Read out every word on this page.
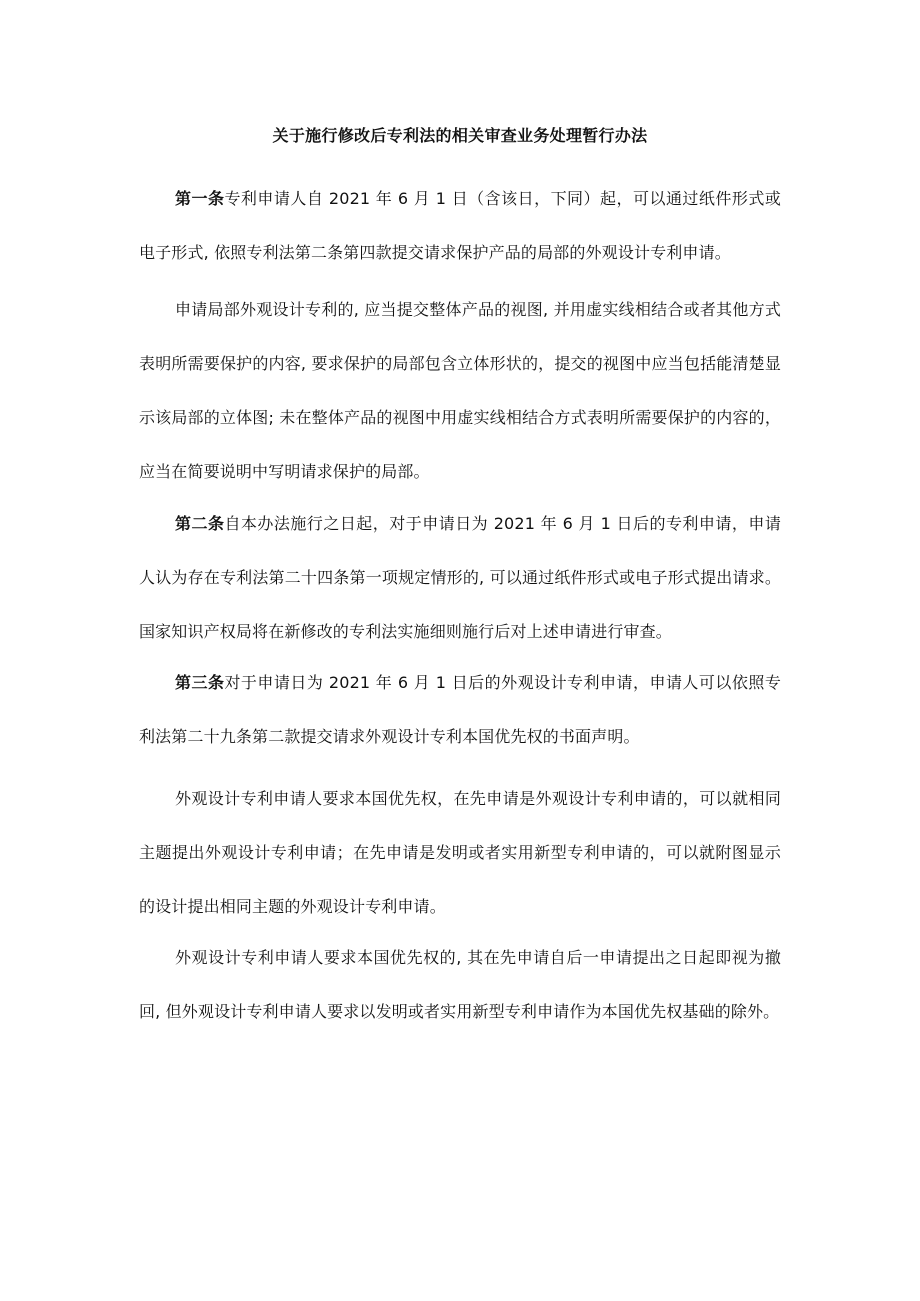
关于施行修改后专利法的相关审查业务处理暂行办法

第一条专利申请人自 2021 年 6 月 1 日（含该日，下同）起，可以通过纸件形式或电子形式, 依照专利法第二条第四款提交请求保护产品的局部的外观设计专利申请。

申请局部外观设计专利的, 应当提交整体产品的视图, 并用虚实线相结合或者其他方式表明所需要保护的内容, 要求保护的局部包含立体形状的，提交的视图中应当包括能清楚显示该局部的立体图; 未在整体产品的视图中用虚实线相结合方式表明所需要保护的内容的，应当在简要说明中写明请求保护的局部。

第二条自本办法施行之日起，对于申请日为 2021 年 6 月 1 日后的专利申请，申请人认为存在专利法第二十四条第一项规定情形的, 可以通过纸件形式或电子形式提出请求。国家知识产权局将在新修改的专利法实施细则施行后对上述申请进行审查。

第三条对于申请日为 2021 年 6 月 1 日后的外观设计专利申请，申请人可以依照专利法第二十九条第二款提交请求外观设计专利本国优先权的书面声明。

外观设计专利申请人要求本国优先权，在先申请是外观设计专利申请的，可以就相同主题提出外观设计专利申请；在先申请是发明或者实用新型专利申请的，可以就附图显示的设计提出相同主题的外观设计专利申请。

外观设计专利申请人要求本国优先权的, 其在先申请自后一申请提出之日起即视为撤回, 但外观设计专利申请人要求以发明或者实用新型专利申请作为本国优先权基础的除外。
